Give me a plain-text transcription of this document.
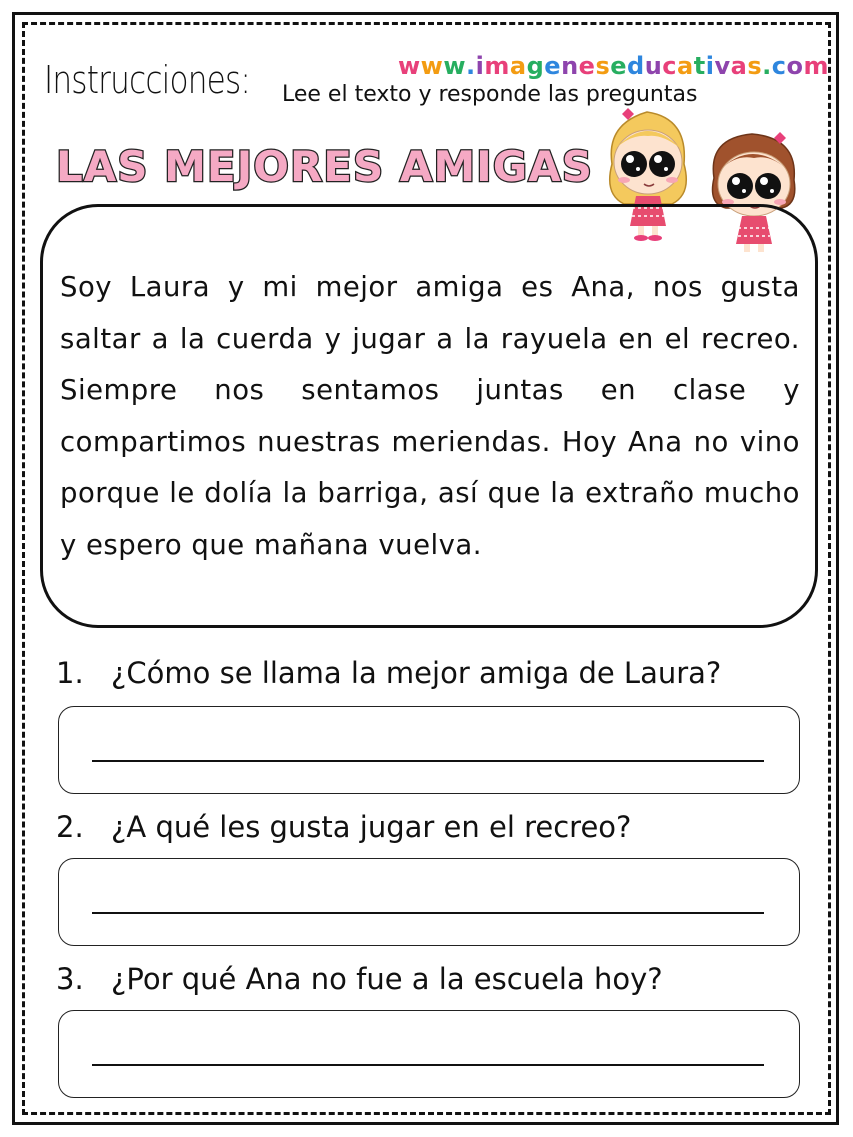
Instrucciones: Lee el texto y responde las preguntas
www.imageneseducativas.com
LAS MEJORES AMIGAS
Soy Laura y mi mejor amiga es Ana, nos gusta saltar a la cuerda y jugar a la rayuela en el recreo. Siempre nos sentamos juntas en clase y compartimos nuestras meriendas. Hoy Ana no vino porque le dolía la barriga, así que la extraño mucho y espero que mañana vuelva.
1. ¿Cómo se llama la mejor amiga de Laura?
2. ¿A qué les gusta jugar en el recreo?
3. ¿Por qué Ana no fue a la escuela hoy?
